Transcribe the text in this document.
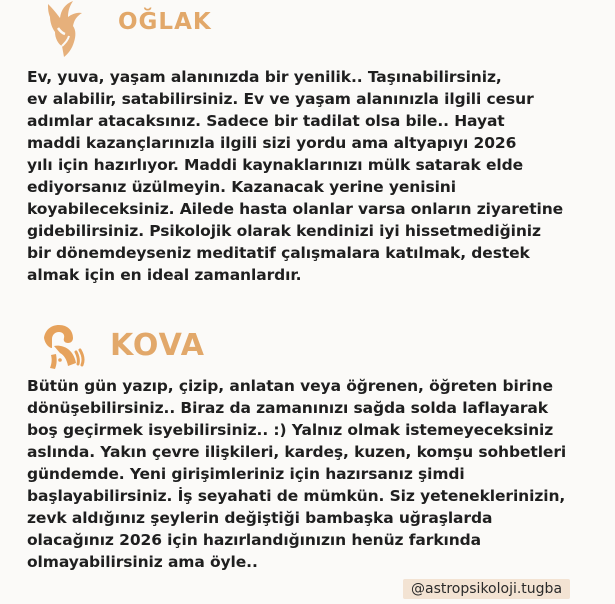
OĞLAK

Ev, yuva, yaşam alanınızda bir yenilik.. Taşınabilirsiniz,
ev alabilir, satabilirsiniz. Ev ve yaşam alanınızla ilgili cesur
adımlar atacaksınız. Sadece bir tadilat olsa bile.. Hayat
maddi kazançlarınızla ilgili sizi yordu ama altyapıyı 2026
yılı için hazırlıyor. Maddi kaynaklarınızı mülk satarak elde
ediyorsanız üzülmeyin. Kazanacak yerine yenisini
koyabileceksiniz. Ailede hasta olanlar varsa onların ziyaretine
gidebilirsiniz. Psikolojik olarak kendinizi iyi hissetmediğiniz
bir dönemdeyseniz meditatif çalışmalara katılmak, destek
almak için en ideal zamanlardır.

KOVA

Bütün gün yazıp, çizip, anlatan veya öğrenen, öğreten birine
dönüşebilirsiniz.. Biraz da zamanınızı sağda solda laflayarak
boş geçirmek isyebilirsiniz.. :) Yalnız olmak istemeyeceksiniz
aslında. Yakın çevre ilişkileri, kardeş, kuzen, komşu sohbetleri
gündemde. Yeni girişimleriniz için hazırsanız şimdi
başlayabilirsiniz. İş seyahati de mümkün. Siz yeteneklerinizin,
zevk aldığınız şeylerin değiştiği bambaşka uğraşlarda
olacağınız 2026 için hazırlandığınızın henüz farkında
olmayabilirsiniz ama öyle..

@astropsikoloji.tugba
